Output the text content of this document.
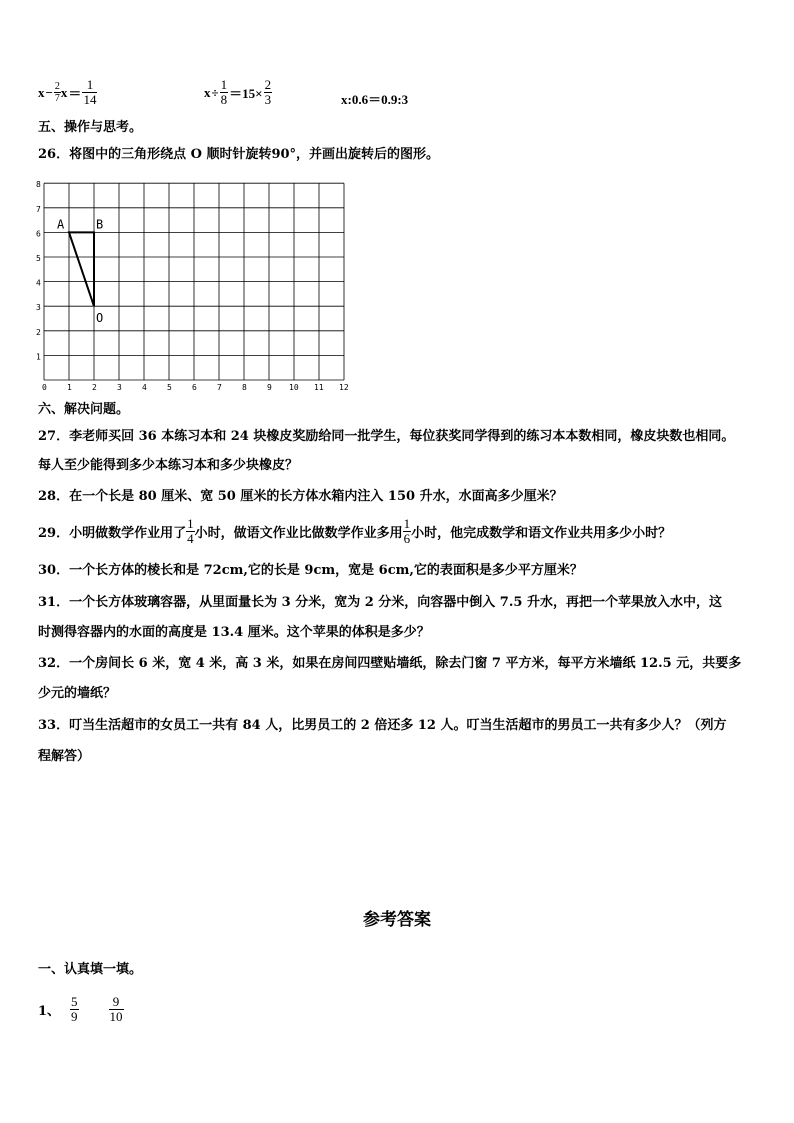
$x - \frac{2}{7}$ $x = \frac{1}{14}$	$x \div \frac{1}{8} =15\times \frac{2}{3}$	x:0.6＝0.9:3
五、操作与思考。
26．将图中的三角形绕点 O 顺时针旋转90°，并画出旋转后的图形。
0	1	2	3	4	5	6	7	8	9 10 11 12
1
2
3
4
5
6
7
8
A	B
O
六、解决问题。
27．李老师买回 36 本练习本和 24 块橡皮奖励给同一批学生，每位获奖同学得到的练习本本数相同，橡皮块数也相同。
每人至少能得到多少本练习本和多少块橡皮？
28．在一个长是 80 厘米、宽 50 厘米的长方体水箱内注入 150 升水，水面高多少厘米？
29．小明做数学作业用了 $\frac{1}{4}$ 小时，做语文作业比做数学作业多用 $\frac{1}{6}$ 小时，他完成数学和语文作业共用多少小时？
30．一个长方体的棱长和是 72cm,它的长是 9cm，宽是 6cm,它的表面积是多少平方厘米？
31．一个长方体玻璃容器，从里面量长为 3 分米，宽为 2 分米，向容器中倒入 7.5 升水，再把一个苹果放入水中，这
时测得容器内的水面的高度是 13.4 厘米。这个苹果的体积是多少？
32．一个房间长 6 米，宽 4 米，高 3 米，如果在房间四壁贴墙纸，除去门窗 7 平方米，每平方米墙纸 12.5 元，共要多
少元的墙纸？
33．叮当生活超市的女员工一共有 84 人，比男员工的 2 倍还多 12 人。叮当生活超市的男员工一共有多少人？（列方
程解答）
参考答案
一、认真填一填。
1、 $\frac{5}{9} \frac{9}{10}$
